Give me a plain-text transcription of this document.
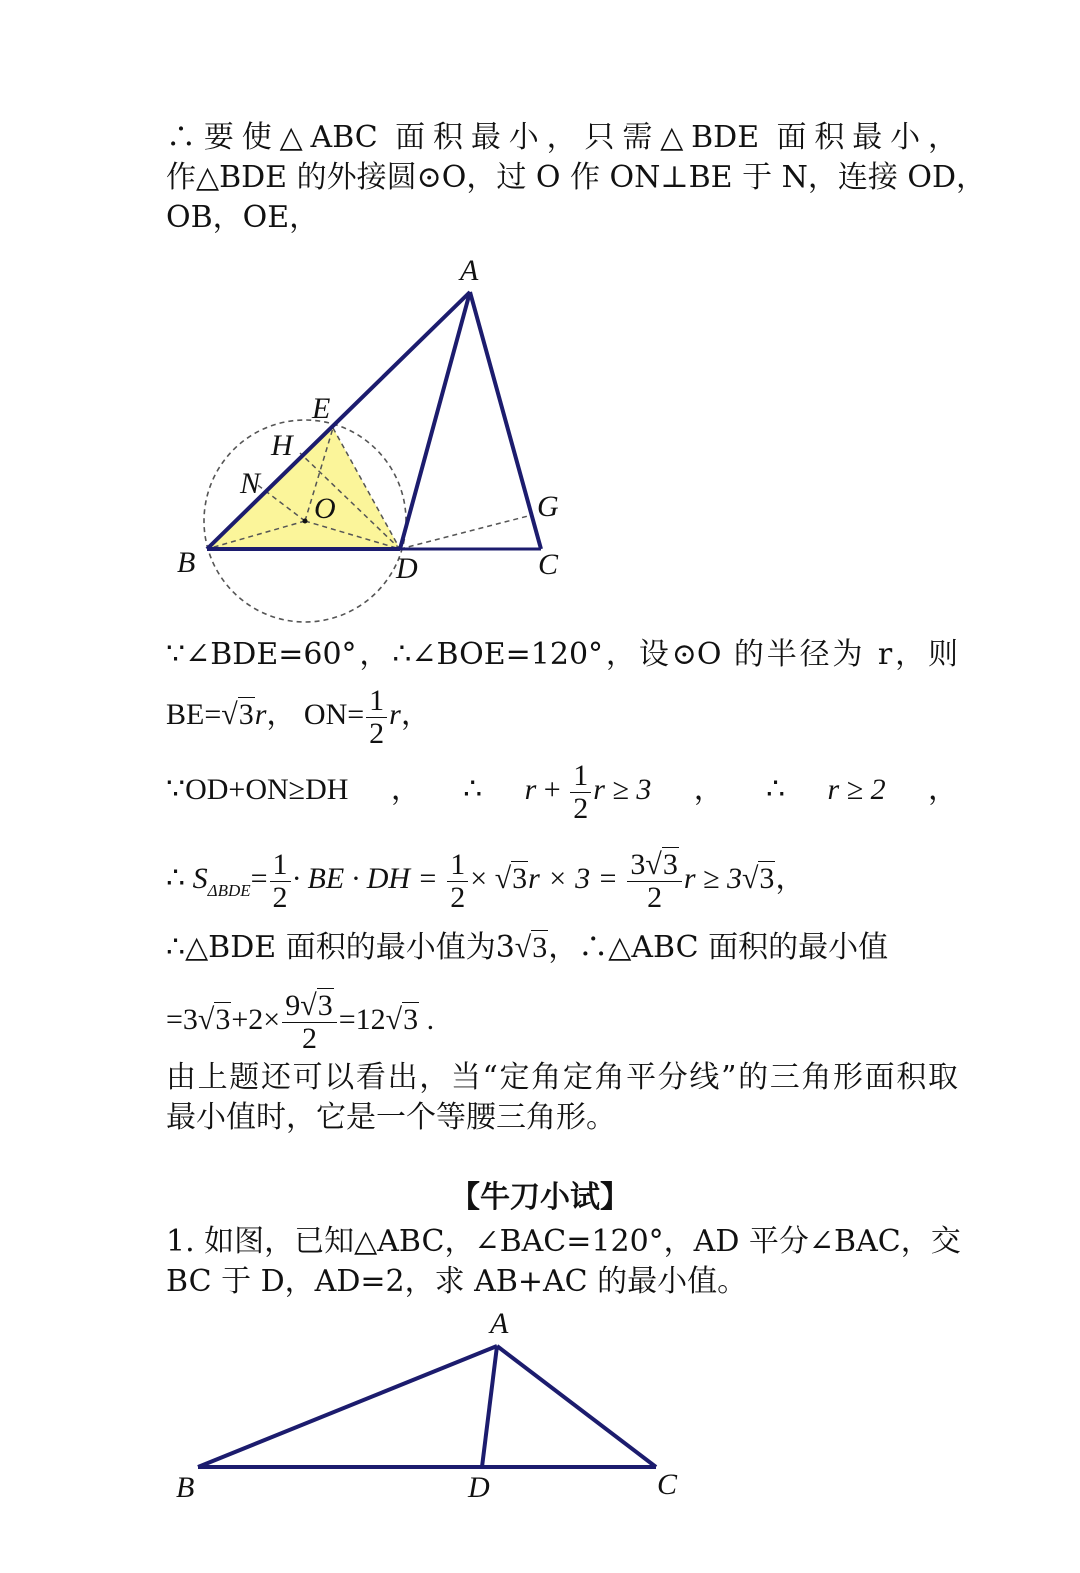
∴要使△ABC 面积最小，只需△BDE 面积最小，
作△BDE 的外接圆⊙O，过 O 作 ON⊥BE 于 N，连接 OD，
OB，OE，
A
E
H
N
O	G
B	D	C
∵∠BDE=60°，∴∠BOE=120°，设⊙O 的半径为 r，则
BE=√3r， $ON= \frac{1}{2}$ r，
∵OD+ON≥DH ， ∴ $r + \frac{1}{2}$ r ≥ 3 ， ∴ r ≥ 2 ，
∴ $S_{\Delta BDE}= \frac{1}{2}$ · BE · DH = $\frac{1}{2} \times √3r \times 3 = \frac{3√3}{2}$ r ≥ 3√3，
∴△BDE 面积的最小值为3√3，∴△ABC 面积的最小值
$=3√3+2\times \frac{9√3}{2} =12√3$ .
由上题还可以看出，当“定角定角平分线”的三角形面积取
最小值时，它是一个等腰三角形。
【牛刀小试】
1. 如图，已知△ABC，∠BAC=120°，AD 平分∠BAC，交
BC 于 D，AD=2，求 AB+AC 的最小值。
A
B	D	C
